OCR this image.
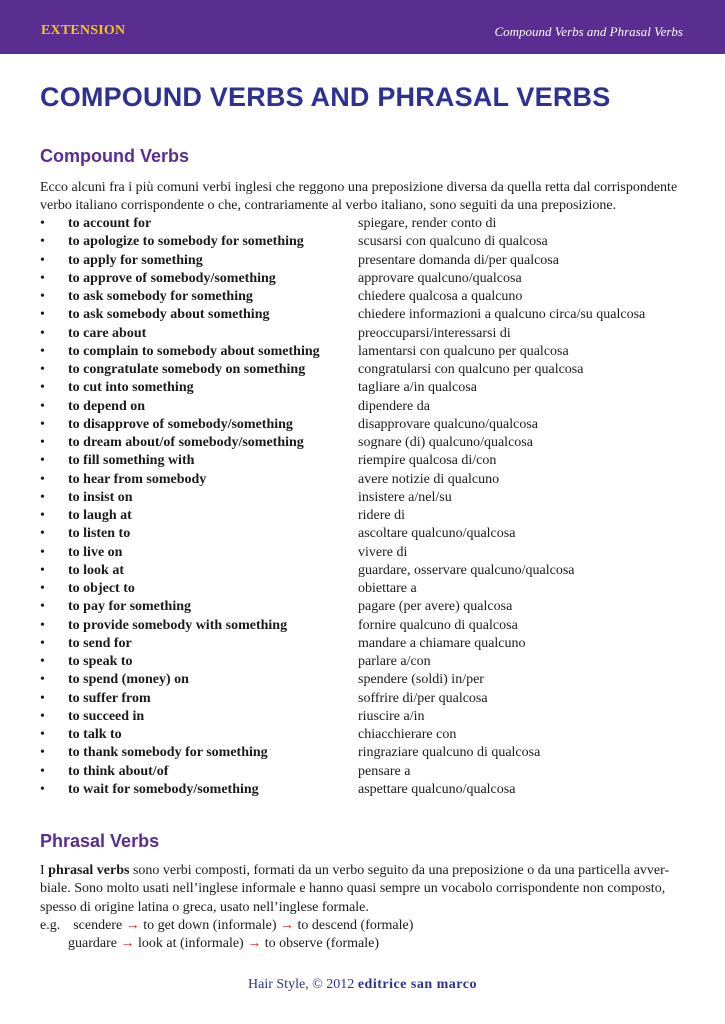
EXTENSION	Compound Verbs and Phrasal Verbs
COMPOUND VERBS AND PHRASAL VERBS
Compound Verbs
Ecco alcuni fra i più comuni verbi inglesi che reggono una preposizione diversa da quella retta dal corrispondente
verbo italiano corrispondente o che, contrariamente al verbo italiano, sono seguiti da una preposizione.
• to account for	spiegare, render conto di
• to apologize to somebody for something	scusarsi con qualcuno di qualcosa
• to apply for something	presentare domanda di/per qualcosa
• to approve of somebody/something	approvare qualcuno/qualcosa
• to ask somebody for something	chiedere qualcosa a qualcuno
• to ask somebody about something	chiedere informazioni a qualcuno circa/su qualcosa
• to care about	preoccuparsi/interessarsi di
• to complain to somebody about something	lamentarsi con qualcuno per qualcosa
• to congratulate somebody on something	congratularsi con qualcuno per qualcosa
• to cut into something	tagliare a/in qualcosa
• to depend on	dipendere da
• to disapprove of somebody/something	disapprovare qualcuno/qualcosa
• to dream about/of somebody/something	sognare (di) qualcuno/qualcosa
• to fill something with	riempire qualcosa di/con
• to hear from somebody	avere notizie di qualcuno
• to insist on	insistere a/nel/su
• to laugh at	ridere di
• to listen to	ascoltare qualcuno/qualcosa
• to live on	vivere di
• to look at	guardare, osservare qualcuno/qualcosa
• to object to	obiettare a
• to pay for something	pagare (per avere) qualcosa
• to provide somebody with something	fornire qualcuno di qualcosa
• to send for	mandare a chiamare qualcuno
• to speak to	parlare a/con
• to spend (money) on	spendere (soldi) in/per
• to suffer from	soffrire di/per qualcosa
• to succeed in	riuscire a/in
• to talk to	chiacchierare con
• to thank somebody for something	ringraziare qualcuno di qualcosa
• to think about/of	pensare a
• to wait for somebody/something	aspettare qualcuno/qualcosa
Phrasal Verbs
I phrasal verbs sono verbi composti, formati da un verbo seguito da una preposizione o da una particella avver-
biale. Sono molto usati nell’inglese informale e hanno quasi sempre un vocabolo corrispondente non composto,
spesso di origine latina o greca, usato nell’inglese formale.
e.g. scendere → to get down (informale) → to descend (formale)
guardare → look at (informale) → to observe (formale)
Hair Style, © 2012 editrice san marco
